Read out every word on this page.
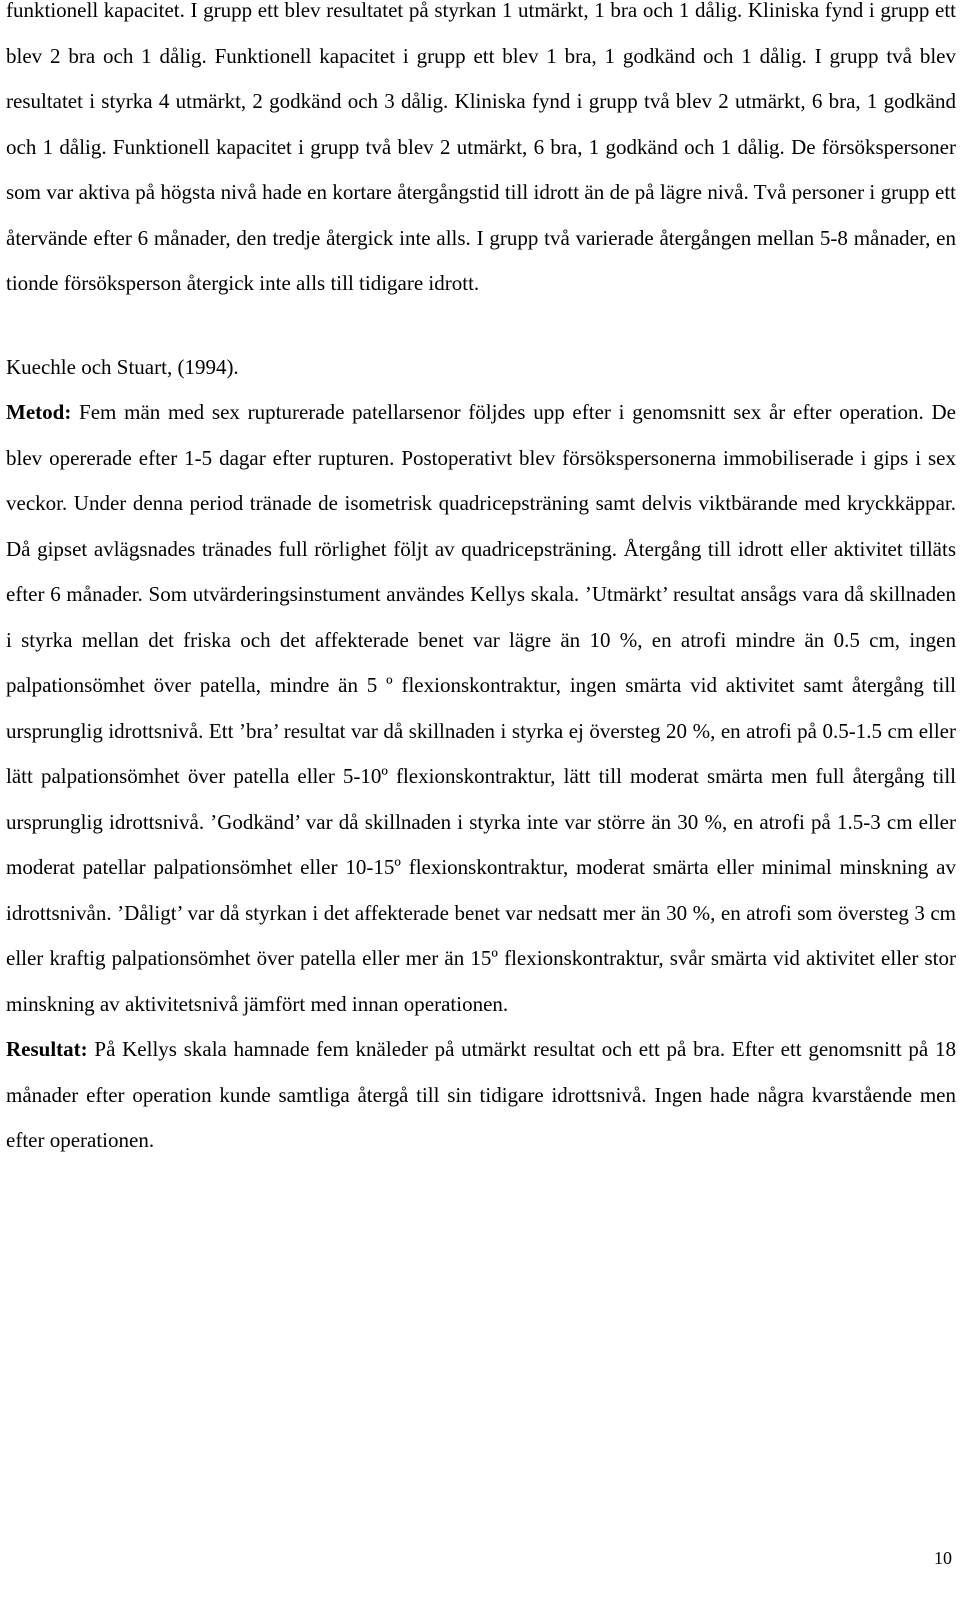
funktionell kapacitet. I grupp ett blev resultatet på styrkan 1 utmärkt, 1 bra och 1 dålig. Kliniska fynd i grupp ett blev 2 bra och 1 dålig. Funktionell kapacitet i grupp ett blev 1 bra, 1 godkänd och 1 dålig. I grupp två blev resultatet i styrka 4 utmärkt, 2 godkänd och 3 dålig. Kliniska fynd i grupp två blev 2 utmärkt, 6 bra, 1 godkänd och 1 dålig. Funktionell kapacitet i grupp två blev 2 utmärkt, 6 bra, 1 godkänd och 1 dålig. De försökspersoner som var aktiva på högsta nivå hade en kortare återgångstid till idrott än de på lägre nivå. Två personer i grupp ett återvände efter 6 månader, den tredje återgick inte alls. I grupp två varierade återgången mellan 5-8 månader, en tionde försöksperson återgick inte alls till tidigare idrott.

Kuechle och Stuart, (1994).

Metod: Fem män med sex rupturerade patellarsenor följdes upp efter i genomsnitt sex år efter operation. De blev opererade efter 1-5 dagar efter rupturen. Postoperativt blev försökspersonerna immobiliserade i gips i sex veckor. Under denna period tränade de isometrisk quadricepsträning samt delvis viktbärande med kryckkäppar. Då gipset avlägsnades tränades full rörlighet följt av quadricepsträning. Återgång till idrott eller aktivitet tilläts efter 6 månader. Som utvärderingsinstument användes Kellys skala. ’Utmärkt’ resultat ansågs vara då skillnaden i styrka mellan det friska och det affekterade benet var lägre än 10 %, en atrofi mindre än 0.5 cm, ingen palpationsömhet över patella, mindre än 5 º flexionskontraktur, ingen smärta vid aktivitet samt återgång till ursprunglig idrottsnivå. Ett ’bra’ resultat var då skillnaden i styrka ej översteg 20 %, en atrofi på 0.5-1.5 cm eller lätt palpationsömhet över patella eller 5-10º flexionskontraktur, lätt till moderat smärta men full återgång till ursprunglig idrottsnivå. ’Godkänd’ var då skillnaden i styrka inte var större än 30 %, en atrofi på 1.5-3 cm eller moderat patellar palpationsömhet eller 10-15º flexionskontraktur, moderat smärta eller minimal minskning av idrottsnivån. ’Dåligt’ var då styrkan i det affekterade benet var nedsatt mer än 30 %, en atrofi som översteg 3 cm eller kraftig palpationsömhet över patella eller mer än 15º flexionskontraktur, svår smärta vid aktivitet eller stor minskning av aktivitetsnivå jämfört med innan operationen.

Resultat: På Kellys skala hamnade fem knäleder på utmärkt resultat och ett på bra. Efter ett genomsnitt på 18 månader efter operation kunde samtliga återgå till sin tidigare idrottsnivå. Ingen hade några kvarstående men efter operationen.

10
